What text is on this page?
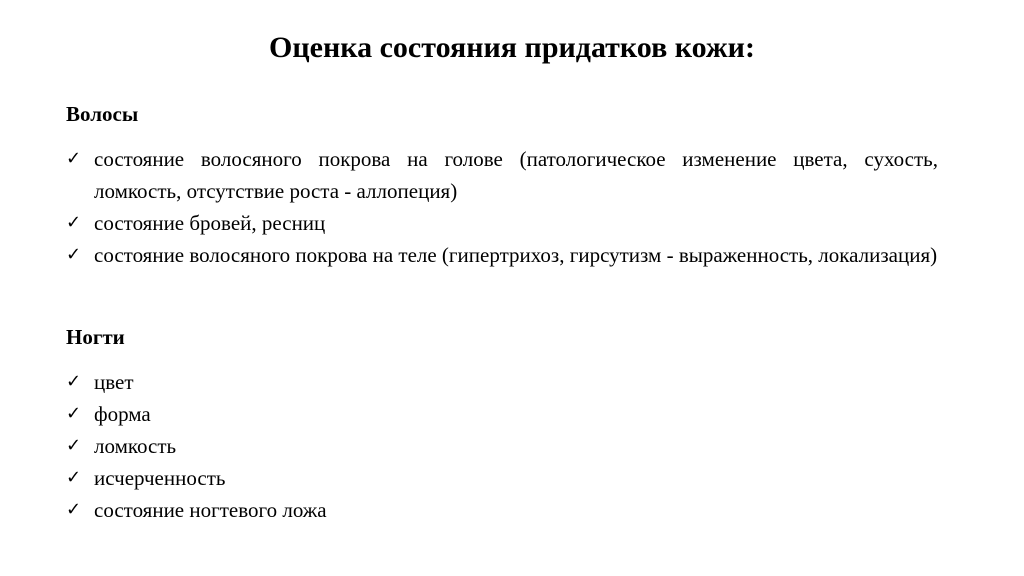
Оценка состояния придатков кожи:
Волосы
✓ состояние волосяного покрова на голове (патологическое изменение цвета, сухость, ломкость, отсутствие роста - аллопеция)
✓ состояние бровей, ресниц
✓ состояние волосяного покрова на теле (гипертрихоз, гирсутизм - выраженность, локализация)
Ногти
✓ цвет
✓ форма
✓ ломкость
✓ исчерченность
✓ состояние ногтевого ложа
